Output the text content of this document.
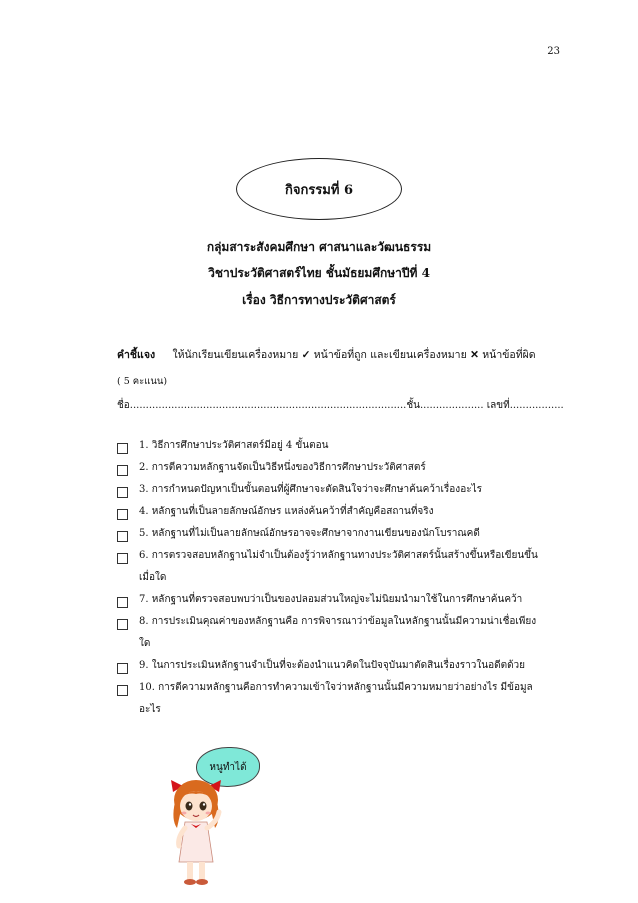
23
กิจกรรมที่ 6
กลุ่มสาระสังคมศึกษา ศาสนาและวัฒนธรรม
วิชาประวัติศาสตร์ไทย ชั้นมัธยมศึกษาปีที่ 4
เรื่อง วิธีการทางประวัติศาสตร์
คำชี้แจง ให้นักเรียนเขียนเครื่องหมาย ✓ หน้าข้อที่ถูก และเขียนเครื่องหมาย ✕ หน้าข้อที่ผิด
( 5 คะแนน)
ชื่อ.......................................................................................ชั้น.................... เลขที่.................
1. วิธีการศึกษาประวัติศาสตร์มีอยู่ 4 ขั้นตอน
2. การตีความหลักฐานจัดเป็นวิธีหนึ่งของวิธีการศึกษาประวัติศาสตร์
3. การกำหนดปัญหาเป็นขั้นตอนที่ผู้ศึกษาจะตัดสินใจว่าจะศึกษาค้นคว้าเรื่องอะไร
4. หลักฐานที่เป็นลายลักษณ์อักษร แหล่งค้นคว้าที่สำคัญคือสถานที่จริง
5. หลักฐานที่ไม่เป็นลายลักษณ์อักษรอาจจะศึกษาจากงานเขียนของนักโบราณคดี
6. การตรวจสอบหลักฐานไม่จำเป็นต้องรู้ว่าหลักฐานทางประวัติศาสตร์นั้นสร้างขึ้นหรือเขียนขึ้นเมื่อใด
7. หลักฐานที่ตรวจสอบพบว่าเป็นของปลอมส่วนใหญ่จะไม่นิยมนำมาใช้ในการศึกษาค้นคว้า
8. การประเมินคุณค่าของหลักฐานคือ การพิจารณาว่าข้อมูลในหลักฐานนั้นมีความน่าเชื่อเพียงใด
9. ในการประเมินหลักฐานจำเป็นที่จะต้องนำแนวคิดในปัจจุบันมาตัดสินเรื่องราวในอดีตด้วย
10. การตีความหลักฐานคือการทำความเข้าใจว่าหลักฐานนั้นมีความหมายว่าอย่างไร มีข้อมูลอะไร
หนูทำได้
